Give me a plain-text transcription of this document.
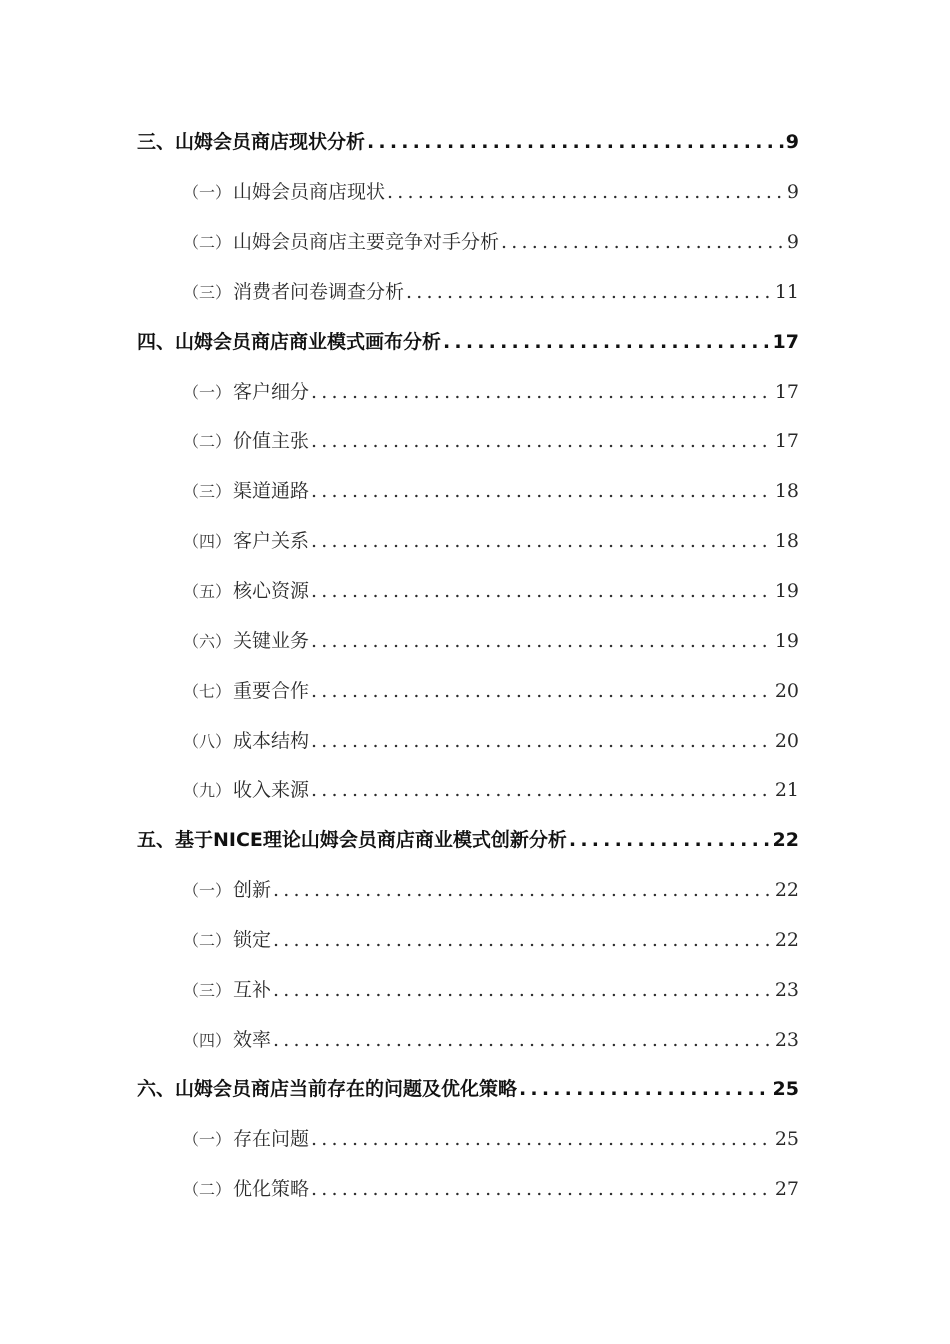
三、山姆会员商店现状分析 .....	9
（一） 山姆会员商店现状 .....	9
（二） 山姆会员商店主要竞争对手分析 .....	9
（三） 消费者问卷调查分析 .....	11
四、山姆会员商店商业模式画布分析 .....	17
（一） 客户细分 .....	17
（二） 价值主张 .....	17
（三） 渠道通路 .....	18
（四） 客户关系 .....	18
（五） 核心资源 .....	19
（六） 关键业务 .....	19
（七） 重要合作 .....	20
（八） 成本结构 .....	20
（九） 收入来源 .....	21
五、基于NICE理论山姆会员商店商业模式创新分析 .....	22
（一） 创新 .....	22
（二） 锁定 .....	22
（三） 互补 .....	23
（四） 效率 .....	23
六、山姆会员商店当前存在的问题及优化策略 .....	25
（一） 存在问题 .....	25
（二） 优化策略 .....	27
